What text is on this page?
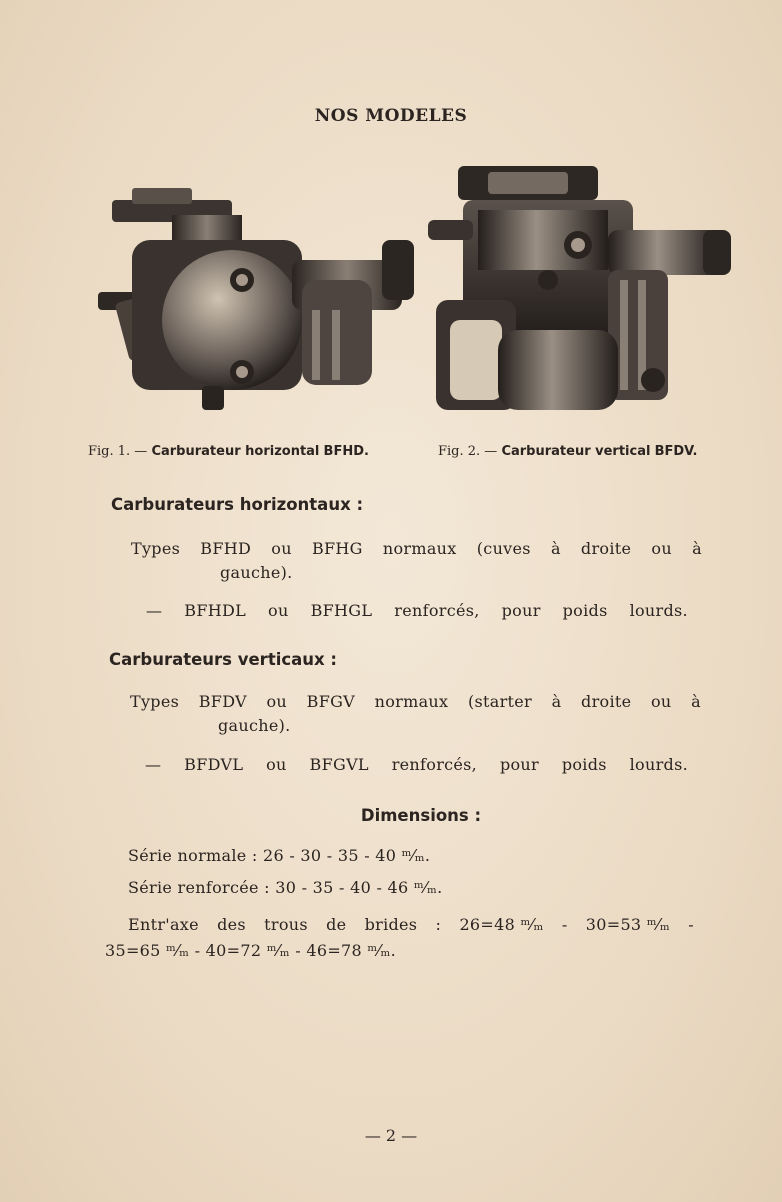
NOS MODELES
Fig. 1. — Carburateur horizontal BFHD.	Fig. 2. — Carburateur vertical BFDV.
Carburateurs horizontaux :
Types BFHD ou BFHG normaux (cuves à droite ou à
gauche).
— BFHDL ou BFHGL renforcés, pour poids lourds.
Carburateurs verticaux :
Types BFDV ou BFGV normaux (starter à droite ou à
gauche).
— BFDVL ou BFGVL renforcés, pour poids lourds.
Dimensions :
Série normale : 26 - 30 - 35 - 40 ᵐ⁄ₘ.
Série renforcée : 30 - 35 - 40 - 46 ᵐ⁄ₘ.
Entr'axe des trous de brides : 26=48 ᵐ⁄ₘ - 30=53 ᵐ⁄ₘ -
35=65 ᵐ⁄ₘ - 40=72 ᵐ⁄ₘ - 46=78 ᵐ⁄ₘ.
— 2 —
